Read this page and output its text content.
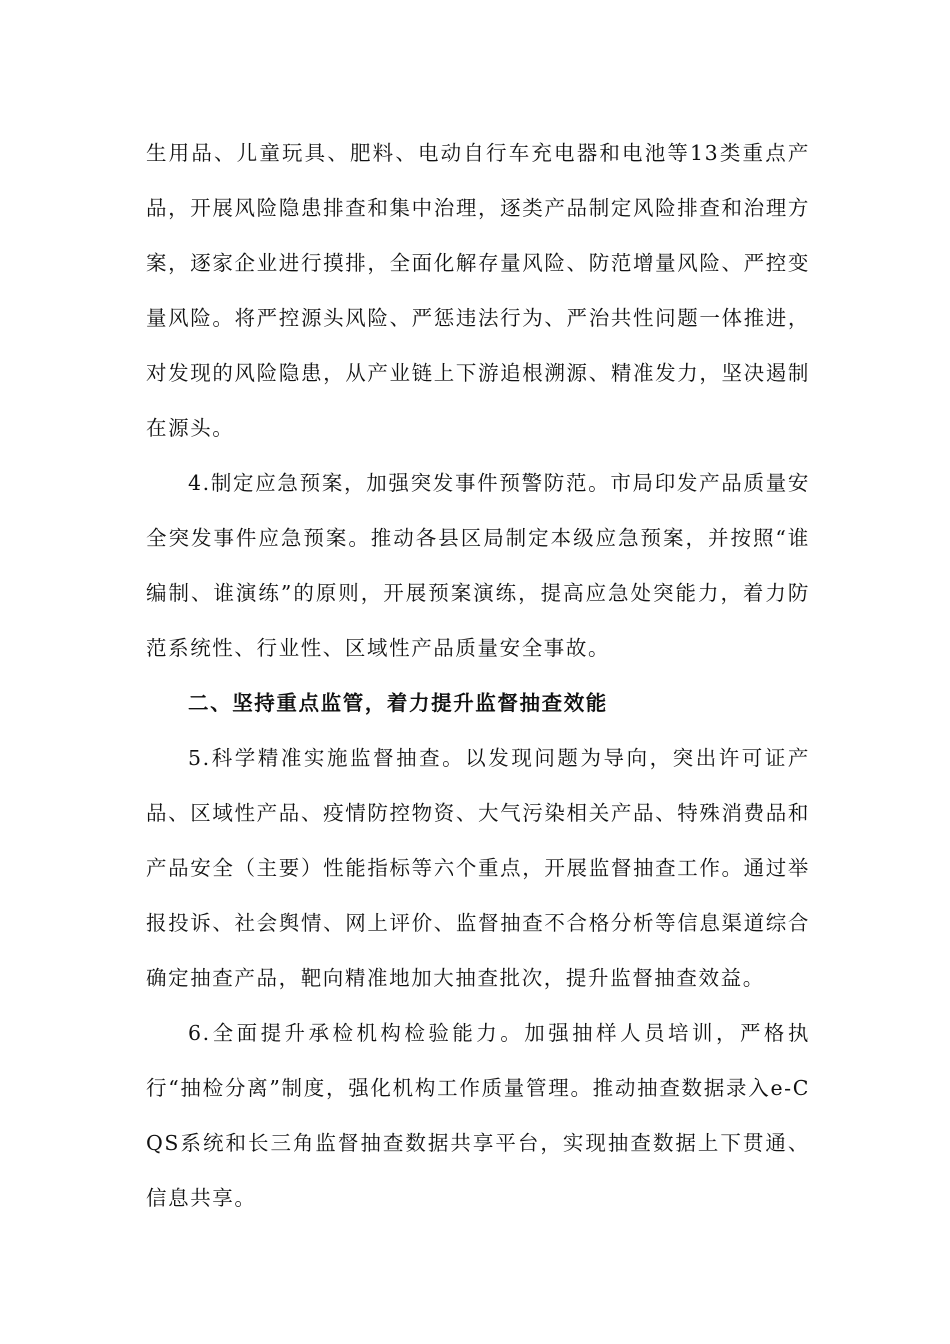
生用品、儿童玩具、肥料、电动自行车充电器和电池等13类重点产品，开展风险隐患排查和集中治理，逐类产品制定风险排查和治理方案，逐家企业进行摸排，全面化解存量风险、防范增量风险、严控变量风险。将严控源头风险、严惩违法行为、严治共性问题一体推进，对发现的风险隐患，从产业链上下游追根溯源、精准发力，坚决遏制在源头。

4.制定应急预案，加强突发事件预警防范。市局印发产品质量安全突发事件应急预案。推动各县区局制定本级应急预案，并按照“谁编制、谁演练”的原则，开展预案演练，提高应急处突能力，着力防范系统性、行业性、区域性产品质量安全事故。

二、坚持重点监管，着力提升监督抽查效能

5.科学精准实施监督抽查。以发现问题为导向，突出许可证产品、区域性产品、疫情防控物资、大气污染相关产品、特殊消费品和产品安全（主要）性能指标等六个重点，开展监督抽查工作。通过举报投诉、社会舆情、网上评价、监督抽查不合格分析等信息渠道综合确定抽查产品，靶向精准地加大抽查批次，提升监督抽查效益。

6.全面提升承检机构检验能力。加强抽样人员培训，严格执行“抽检分离”制度，强化机构工作质量管理。推动抽查数据录入e-CQS系统和长三角监督抽查数据共享平台，实现抽查数据上下贯通、信息共享。
